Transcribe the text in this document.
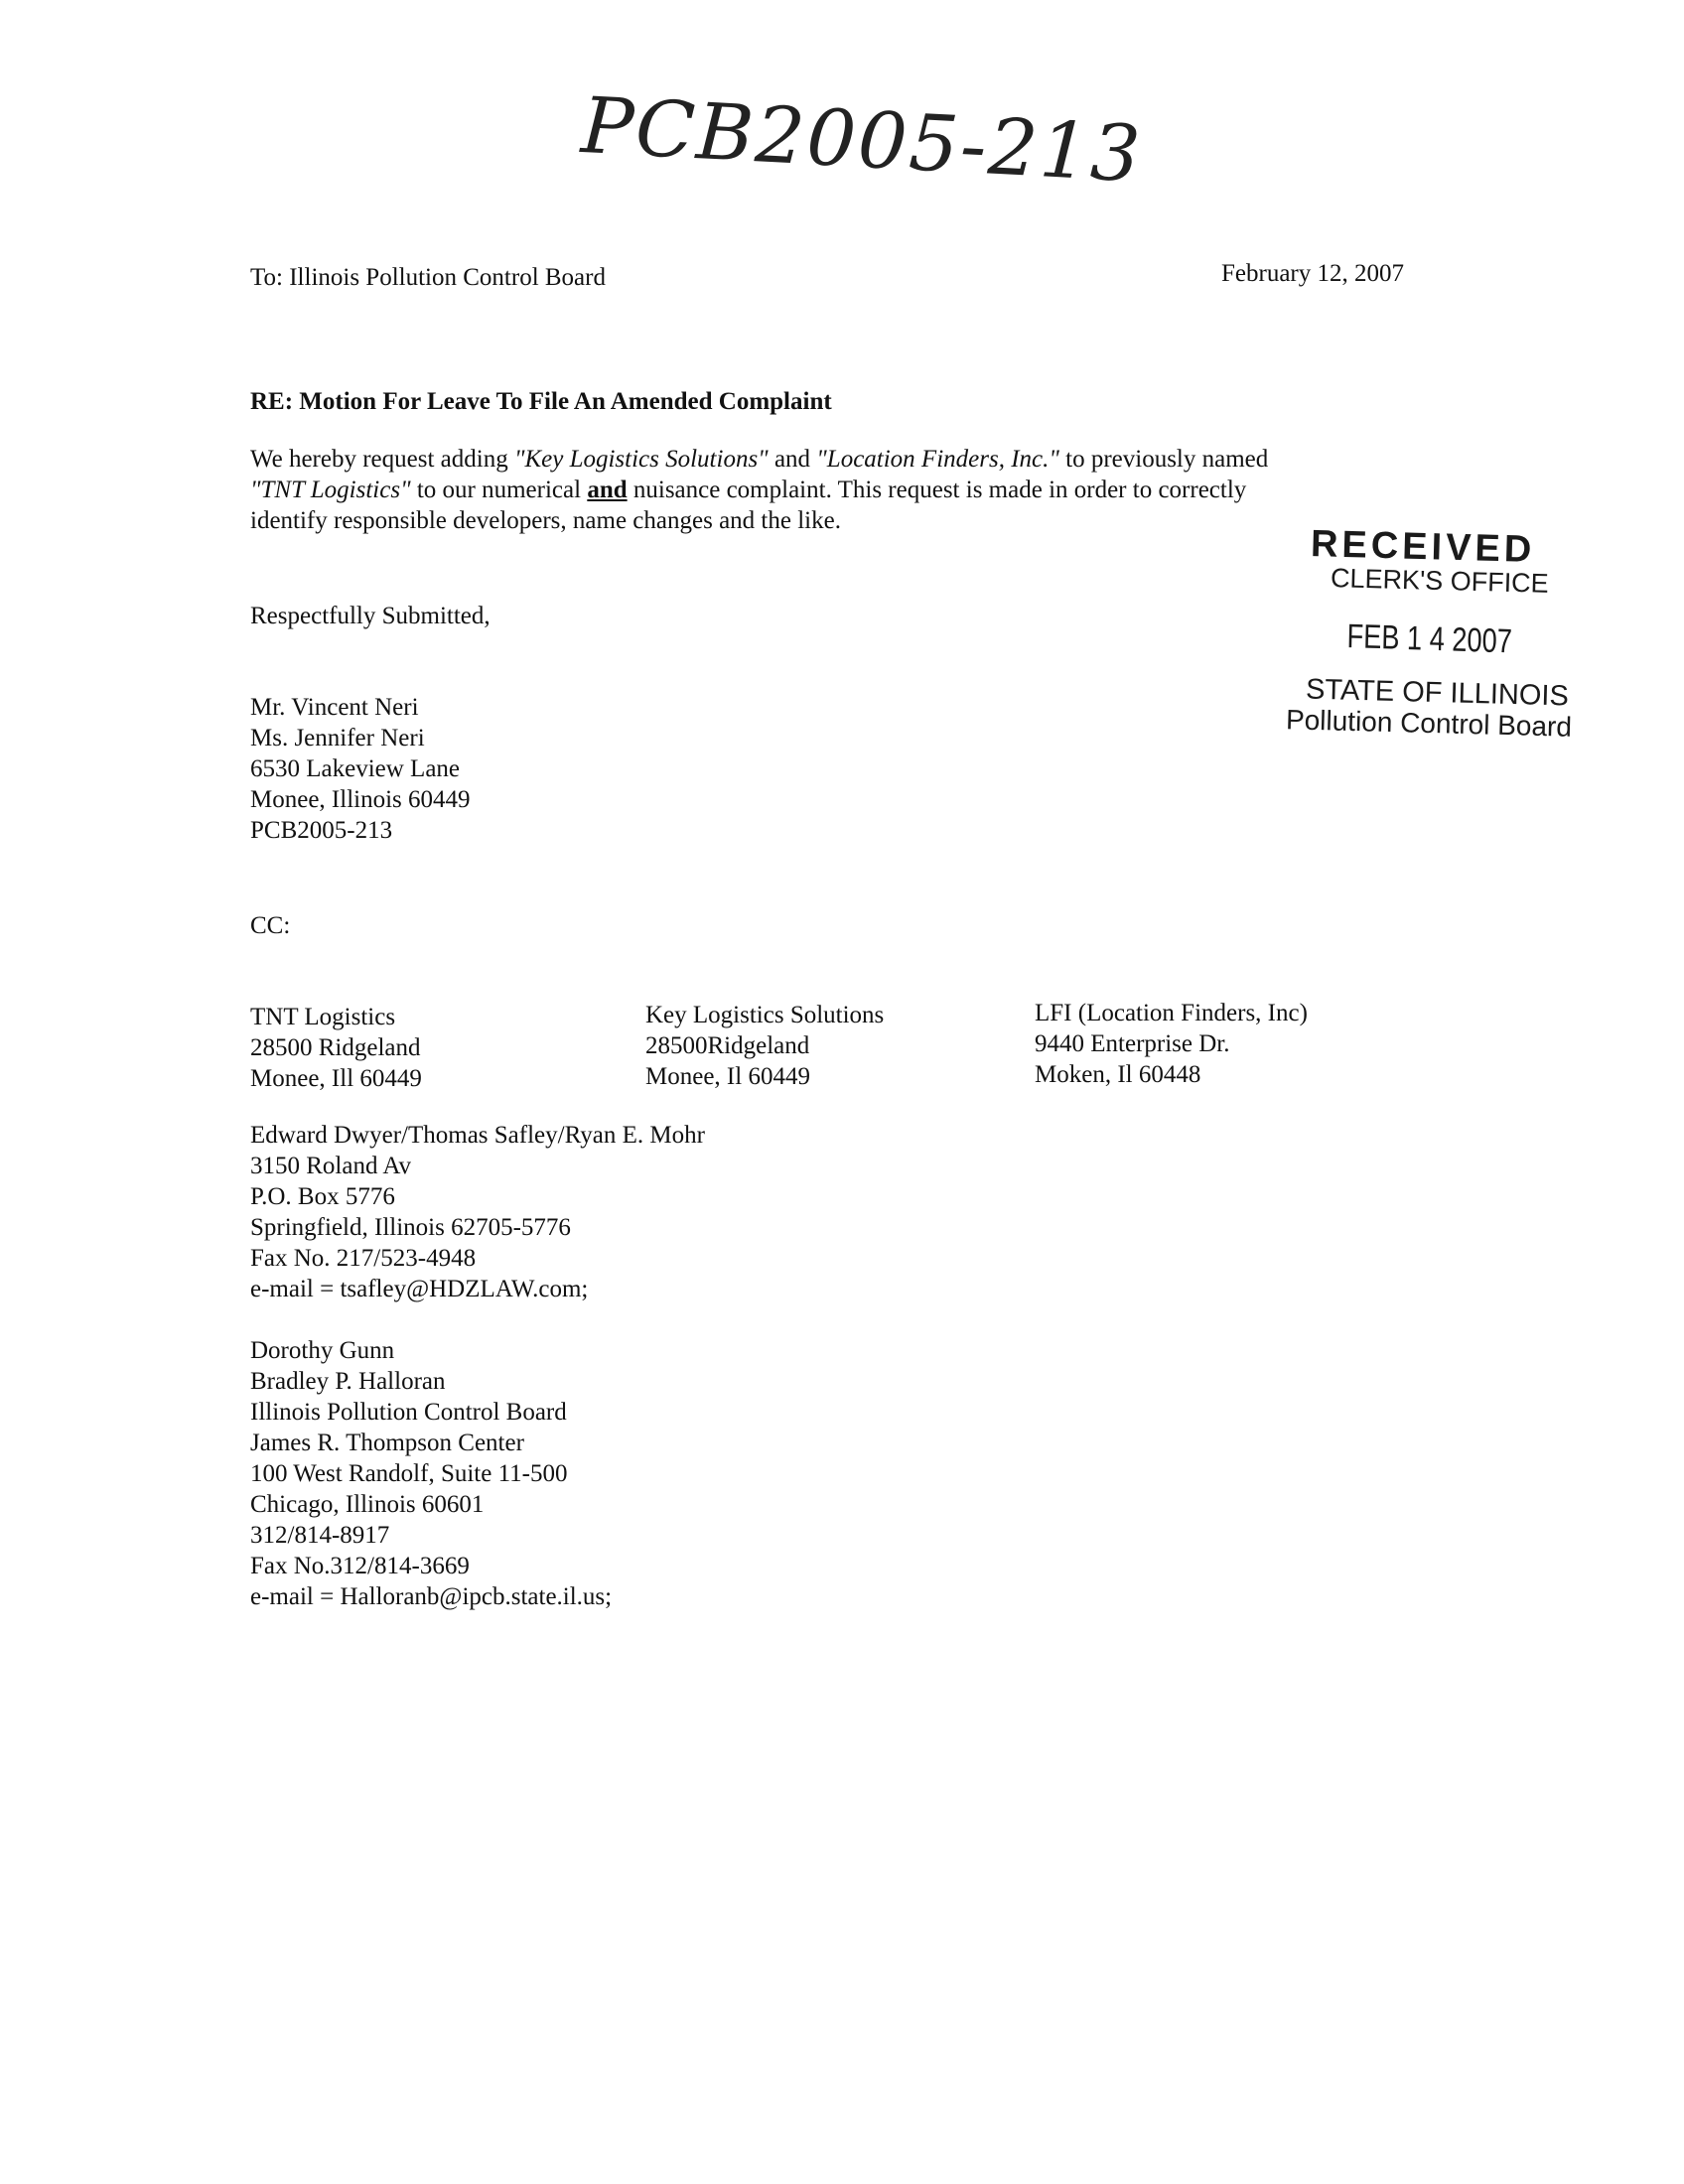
PCB2005-213
To: Illinois Pollution Control Board	February 12, 2007
RE: Motion For Leave To File An Amended Complaint
We hereby request adding "Key Logistics Solutions" and "Location Finders, Inc." to previously named
"TNT Logistics" to our numerical and nuisance complaint. This request is made in order to correctly
identify responsible developers, name changes and the like.
Respectfully Submitted,
Mr. Vincent Neri
Ms. Jennifer Neri
6530 Lakeview Lane
Monee, Illinois 60449
PCB2005-213
RECEIVED
CLERK'S OFFICE
FEB 1 4 2007
STATE OF ILLINOIS
Pollution Control Board
CC:
TNT Logistics
28500 Ridgeland
Monee, Ill 60449
Key Logistics Solutions
28500Ridgeland
Monee, Il 60449
LFI (Location Finders, Inc)
9440 Enterprise Dr.
Moken, Il 60448
Edward Dwyer/Thomas Safley/Ryan E. Mohr
3150 Roland Av
P.O. Box 5776
Springfield, Illinois 62705-5776
Fax No. 217/523-4948
e-mail = tsafley@HDZLAW.com;
Dorothy Gunn
Bradley P. Halloran
Illinois Pollution Control Board
James R. Thompson Center
100 West Randolf, Suite 11-500
Chicago, Illinois 60601
312/814-8917
Fax No.312/814-3669
e-mail = Halloranb@ipcb.state.il.us;
